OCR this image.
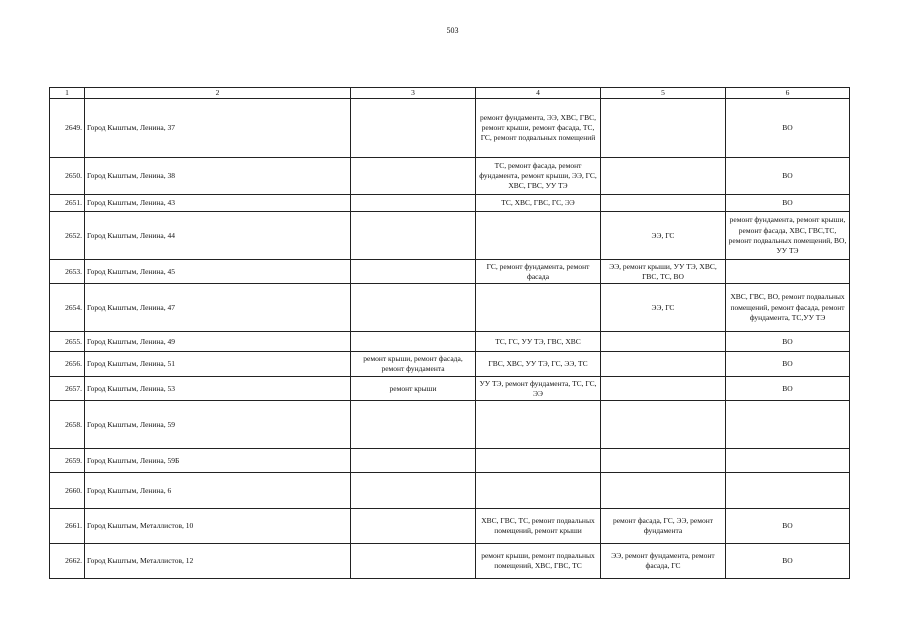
503
1	2	3	4	5	6
2649.	Город Кыштым, Ленина, 37		ремонт фундамента, ЭЭ, ХВС, ГВС, ремонт крыши, ремонт фасада, ТС, ГС, ремонт подвальных помещений		ВО
2650.	Город Кыштым, Ленина, 38		ТС, ремонт фасада, ремонт фундамента, ремонт крыши, ЭЭ, ГС, ХВС, ГВС, УУ ТЭ		ВО
2651.	Город Кыштым, Ленина, 43		ТС, ХВС, ГВС, ГС, ЭЭ		ВО
2652.	Город Кыштым, Ленина, 44			ЭЭ, ГС	ремонт фундамента, ремонт крыши, ремонт фасада, ХВС, ГВС,ТС, ремонт подвальных помещений, ВО, УУ ТЭ
2653.	Город Кыштым, Ленина, 45		ГС, ремонт фундамента, ремонт фасада	ЭЭ, ремонт крыши, УУ ТЭ, ХВС, ГВС, ТС, ВО	
2654.	Город Кыштым, Ленина, 47			ЭЭ, ГС	ХВС, ГВС, ВО, ремонт подвальных помещений, ремонт фасада, ремонт фундамента, ТС,УУ ТЭ
2655.	Город Кыштым, Ленина, 49		ТС, ГС, УУ ТЭ, ГВС, ХВС		ВО
2656.	Город Кыштым, Ленина, 51	ремонт крыши, ремонт фасада, ремонт фундамента	ГВС, ХВС, УУ ТЭ, ГС, ЭЭ, ТС		ВО
2657.	Город Кыштым, Ленина, 53	ремонт крыши	УУ ТЭ, ремонт фундамента, ТС, ГС, ЭЭ		ВО
2658.	Город Кыштым, Ленина, 59				
2659.	Город Кыштым, Ленина, 59Б				
2660.	Город Кыштым, Ленина, 6				
2661.	Город Кыштым, Металлистов, 10		ХВС, ГВС, ТС, ремонт подвальных помещений, ремонт крыши	ремонт фасада, ГС, ЭЭ, ремонт фундамента	ВО
2662.	Город Кыштым, Металлистов, 12		ремонт крыши, ремонт подвальных помещений, ХВС, ГВС, ТС	ЭЭ, ремонт фундамента, ремонт фасада, ГС	ВО
